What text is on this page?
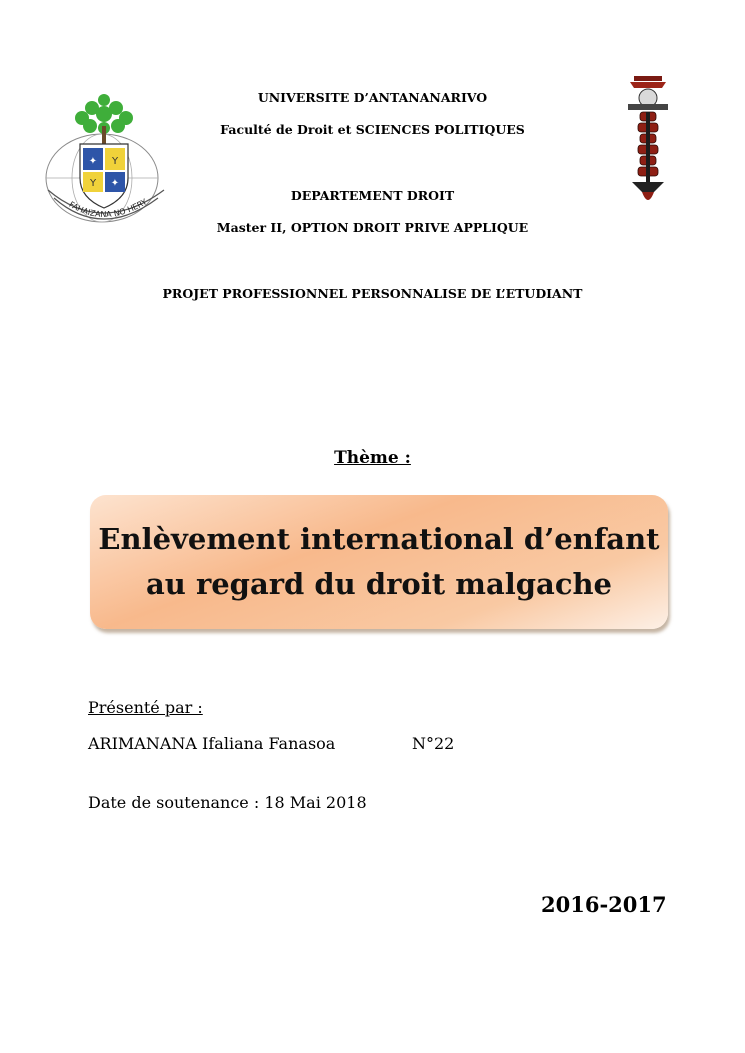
✦ Y
Y ✦
FAHAIZANA NO HERY
UNIVERSITE D’ANTANANARIVO
Faculté de Droit et SCIENCES POLITIQUES
DEPARTEMENT DROIT
Master II, OPTION DROIT PRIVE APPLIQUE
PROJET PROFESSIONNEL PERSONNALISE DE L’ETUDIANT
Thème :
Enlèvement international d’enfant
au regard du droit malgache
Présenté par :
ARIMANANA Ifaliana Fanasoa	N°22
Date de soutenance : 18 Mai 2018
2016-2017
